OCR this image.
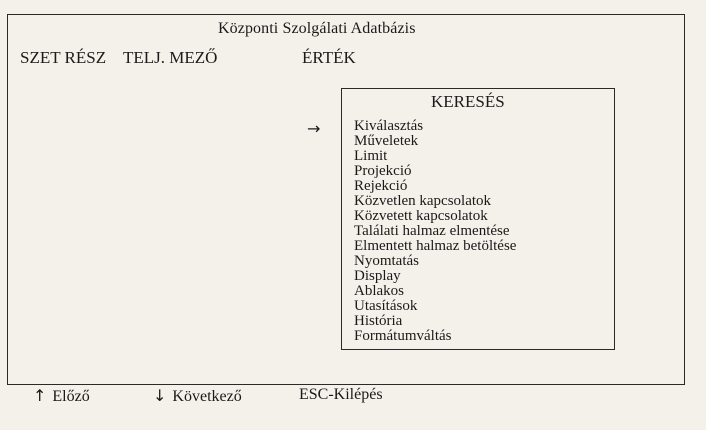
Központi Szolgálati Adatbázis
SZET RÉSZ TELJ. MEZŐ	ÉRTÉK
→
KERESÉS
Kiválasztás
Műveletek
Limit
Projekció
Rejekció
Közvetlen kapcsolatok
Közvetett kapcsolatok
Találati halmaz elmentése
Elmentett halmaz betöltése
Nyomtatás
Display
Ablakos
Utasítások
História
Formátumváltás
↑ Előző	↓ Következő	ESC-Kilépés
